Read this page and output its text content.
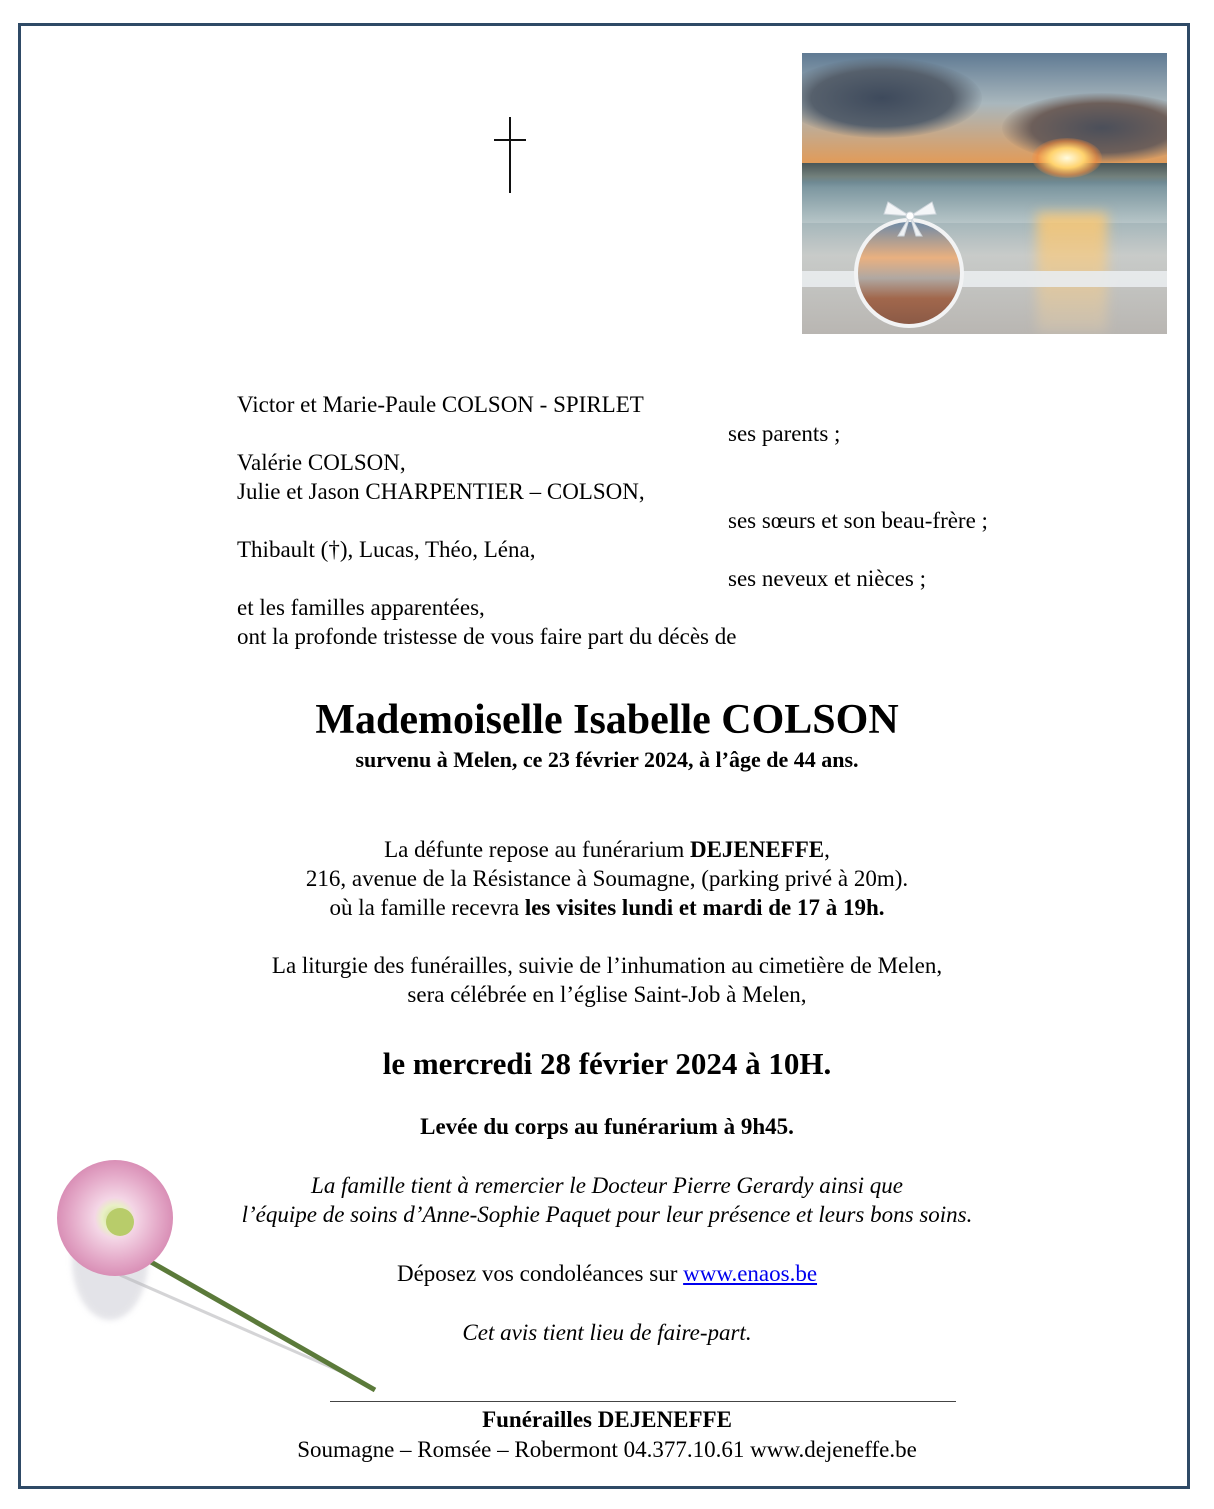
Victor et Marie-Paule COLSON - SPIRLET
ses parents ;
Valérie COLSON,
Julie et Jason CHARPENTIER – COLSON,
ses sœurs et son beau-frère ;
Thibault (†), Lucas, Théo, Léna,
ses neveux et nièces ;
et les familles apparentées,
ont la profonde tristesse de vous faire part du décès de
Mademoiselle Isabelle COLSON
survenu à Melen, ce 23 février 2024, à l’âge de 44 ans.
La défunte repose au funérarium DEJENEFFE,
216, avenue de la Résistance à Soumagne, (parking privé à 20m).
où la famille recevra les visites lundi et mardi de 17 à 19h.
La liturgie des funérailles, suivie de l’inhumation au cimetière de Melen,
sera célébrée en l’église Saint-Job à Melen,
le mercredi 28 février 2024 à 10H.
Levée du corps au funérarium à 9h45.
La famille tient à remercier le Docteur Pierre Gerardy ainsi que
l’équipe de soins d’Anne-Sophie Paquet pour leur présence et leurs bons soins.
Déposez vos condoléances sur www.enaos.be
Cet avis tient lieu de faire-part.
Funérailles DEJENEFFE
Soumagne – Romsée – Robermont 04.377.10.61 www.dejeneffe.be
